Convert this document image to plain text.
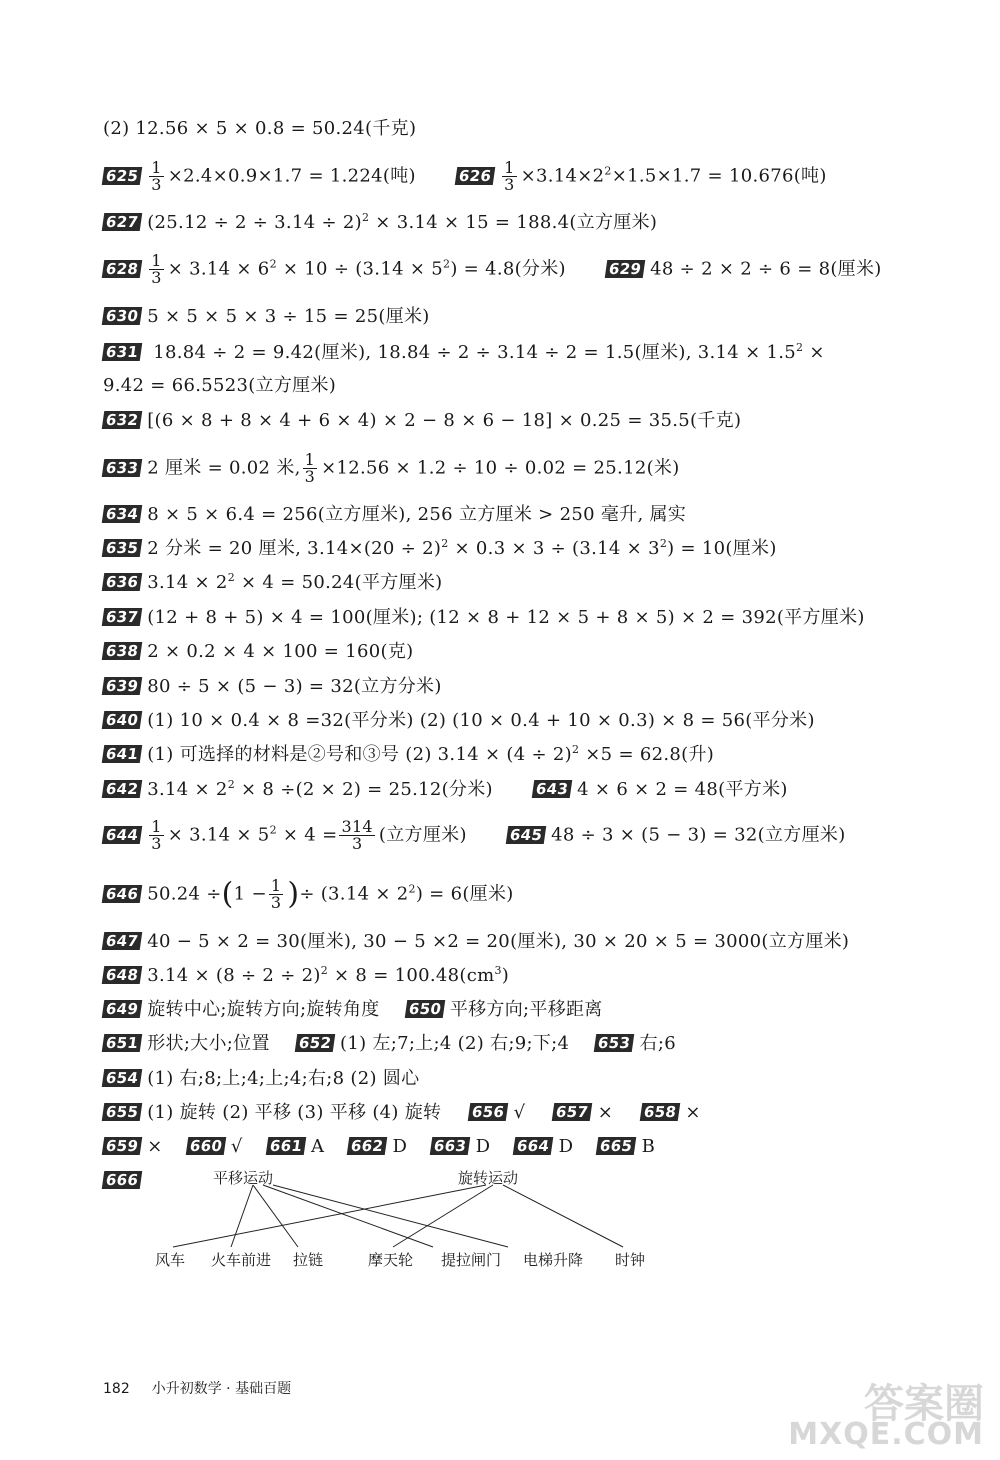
(2) 12.56 × 5 × 0.8 = 50.24(千克)
$625 \frac{1}{3} \times 2.4\times 0.9\times 1.7 = 1.224$(吨)	$626 \frac{1}{3} \times 3.14\times 2^2\times 1.5\times 1.7 = 10.676$(吨)
627 $(25.12 \div 2 \div 3.14 \div 2)^2 \times 3.14 \times 15 = 188.4$(立方厘米)
$628 \frac{1}{3} \times 3.14 \times 6^2 \times 10 \div (3.14 \times 5^2) = 4.8$(分米)	629 48 ÷ 2 × 2 ÷ 6 = 8(厘米)
630 5 × 5 × 5 × 3 ÷ 15 = 25(厘米)
631 18.84 ÷ 2 = 9.42(厘米), 18.84 ÷ 2 ÷ 3.14 ÷ 2 = 1.5(厘米), $3.14 \times 1.5^2$ ×
9.42 = 66.5523(立方厘米)
632 [(6 × 8 + 8 × 4 + 6 × 4) × 2 − 8 × 6 − 18] × 0.25 = 35.5(千克)
633 2 厘米 = 0.02 米, $\frac{1}{3} \times 12.56 \times 1.2 \div 10 \div 0.02 = 25.12$(米)
634 8 × 5 × 6.4 = 256(立方厘米), 256 立方厘米 > 250 毫升, 属实
635 2 分米 = 20 厘米, $3.14\times(20 \div 2)^2 \times 0.3 \times 3 \div (3.14 \times 3^2) = 10$(厘米)
636 $3.14 \times 2^2 \times 4 = 50.24$(平方厘米)
637 (12 + 8 + 5) × 4 = 100(厘米); (12 × 8 + 12 × 5 + 8 × 5) × 2 = 392(平方厘米)
638 2 × 0.2 × 4 × 100 = 160(克)
639 80 ÷ 5 × (5 − 3) = 32(立方分米)
640 (1) 10 × 0.4 × 8 =32(平分米) (2) (10 × 0.4 + 10 × 0.3) × 8 = 56(平分米)
641 (1) 可选择的材料是②号和③号 (2) $3.14 \times (4 \div 2)^2 \times 5 = 62.8$(升)
642 $3.14 \times 2^2 \times 8 \div(2 \times 2) = 25.12$(分米)	643 4 × 6 × 2 = 48(平方米)
$644 \frac{1}{3} \times 3.14 \times 5^2 \times 4 = \frac{314}{3}$ (立方厘米)	645 48 ÷ 3 × (5 − 3) = 32(立方厘米)
646 $50.24 \div(1 - \frac{1}{3}$ )÷ $(3.14 \times 2^2) = 6$(厘米)
647 40 − 5 × 2 = 30(厘米), 30 − 5 ×2 = 20(厘米), 30 × 20 × 5 = 3000(立方厘米)
648 $3.14 \times (8 \div 2 \div 2)^2 \times 8 = 100.48(cm^3)$
649 旋转中心;旋转方向;旋转角度 650 平移方向;平移距离
651 形状;大小;位置 652 (1) 左;7;上;4 (2) 右;9;下;4 653 右;6
654 (1) 右;8;上;4;上;4;右;8 (2) 圆心
655 (1) 旋转 (2) 平移 (3) 平移 (4) 旋转 656 √ 657 × 658 ×
659 × 660 √ 661 A 662 D 663 D 664 D 665 B
666	平移运动	旋转运动
风车 火车前进 拉链	摩天轮 提拉闸门 电梯升降 时钟
182 小升初数学 · 基础百题	答案圈
MXQE.COM
